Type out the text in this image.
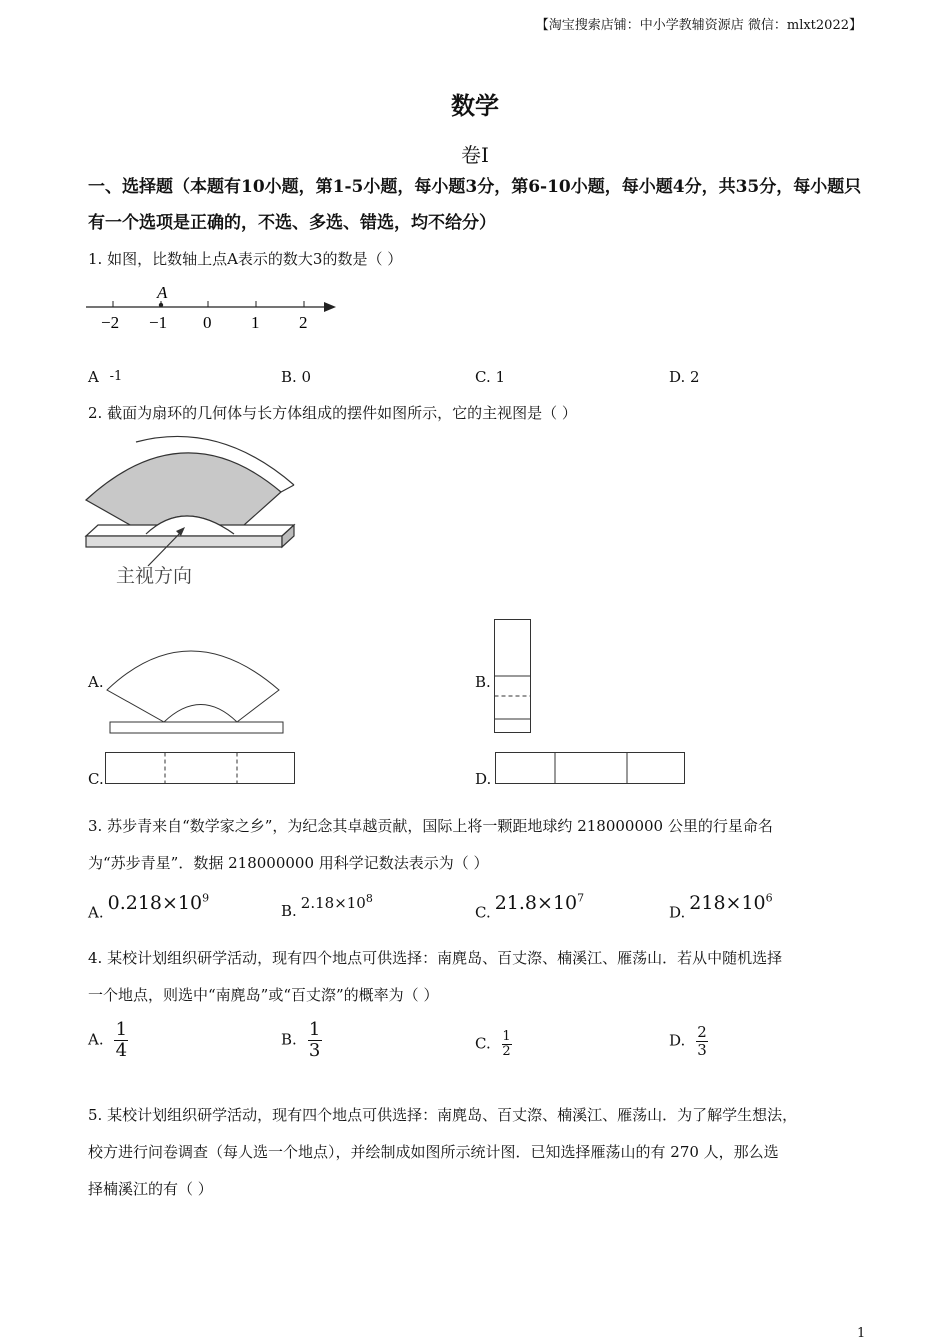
【淘宝搜索店铺：中小学教辅资源店 微信：mlxt2022】
数学
卷Ⅰ
一、选择题（本题有10小题，第1-5小题，每小题3分，第6-10小题，每小题4分，共35分，每小题只有一个选项是正确的，不选、多选、错选，均不给分）
1. 如图，比数轴上点A表示的数大3的数是（ ）
A
−2 −1 0 1 2
A -1	B. 0	C. 1	D. 2
2. 截面为扇环的几何体与长方体组成的摆件如图所示，它的主视图是（ ）
主视方向
A.	B.
C.	D.
3. 苏步青来自“数学家之乡”，为纪念其卓越贡献，国际上将一颗距地球约 218000000 公里的行星命名
为“苏步青星”．数据 218000000 用科学记数法表示为（ ）
A. $0.218\times 10^9$
B. $2.18\times 10^8$
C. $21.8\times 10^7$
D. $218\times 10^6$
4. 某校计划组织研学活动，现有四个地点可供选择：南麂岛、百丈漈、楠溪江、雁荡山．若从中随机选择
一个地点，则选中“南麂岛”或“百丈漈”的概率为（ ）
A. $\frac{1}{4}$	B. $\frac{1}{3}$	C. $\frac{1}{2}$	D. $\frac{2}{3}$
5. 某校计划组织研学活动，现有四个地点可供选择：南麂岛、百丈漈、楠溪江、雁荡山．为了解学生想法，
校方进行问卷调查（每人选一个地点），并绘制成如图所示统计图．已知选择雁荡山的有 270 人，那么选
择楠溪江的有（ ）
1
